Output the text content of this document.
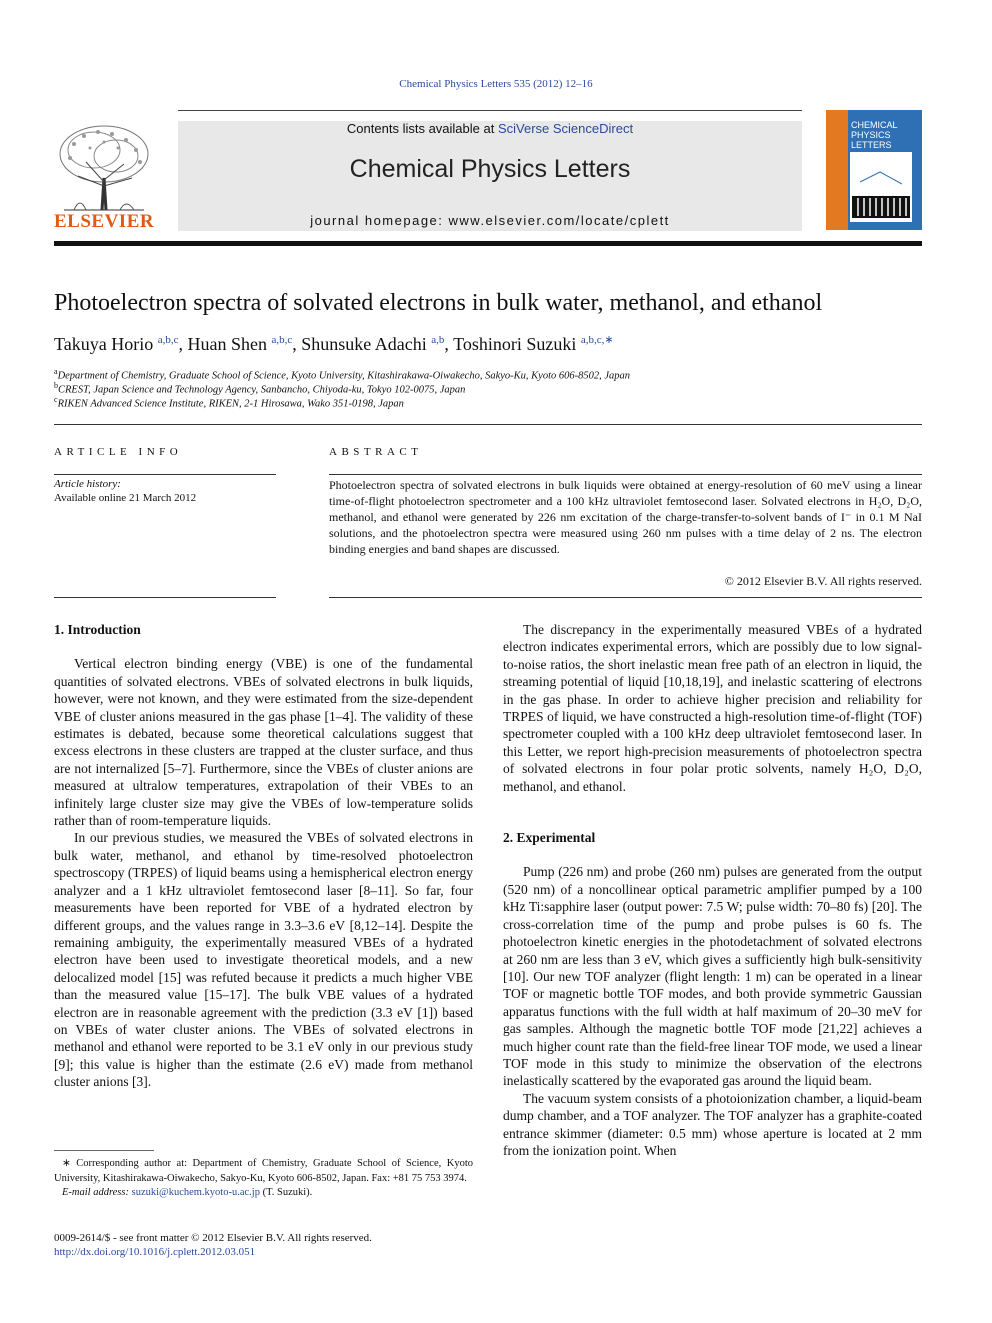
Chemical Physics Letters 535 (2012) 12–16
ELSEVIER
Contents lists available at SciVerse ScienceDirect
Chemical Physics Letters
journal homepage: www.elsevier.com/locate/cplett
CHEMICAL PHYSICS LETTERS
Photoelectron spectra of solvated electrons in bulk water, methanol, and ethanol
Takuya Horio $^{a,b,c}$, Huan Shen $^{a,b,c}$, Shunsuke Adachi $^{a,b}$, Toshinori Suzuki $^{a,b,c,∗}$
$^a$Department of Chemistry, Graduate School of Science, Kyoto University, Kitashirakawa-Oiwakecho, Sakyo-Ku, Kyoto 606-8502, Japan
$^b$CREST, Japan Science and Technology Agency, Sanbancho, Chiyoda-ku, Tokyo 102-0075, Japan
$^c$RIKEN Advanced Science Institute, RIKEN, 2-1 Hirosawa, Wako 351-0198, Japan
ARTICLE INFO
Article history:
Available online 21 March 2012
ABSTRACT
Photoelectron spectra of solvated electrons in bulk liquids were obtained at energy-resolution of 60 meV using a linear time-of-flight photoelectron spectrometer and a 100 kHz ultraviolet femtosecond laser. Solvated electrons in H₂O, D₂O, methanol, and ethanol were generated by 226 nm excitation of the charge-transfer-to-solvent bands of I⁻ in 0.1 M NaI solutions, and the photoelectron spectra were measured using 260 nm pulses with a time delay of 2 ns. The electron binding energies and band shapes are discussed.
© 2012 Elsevier B.V. All rights reserved.
1. Introduction

Vertical electron binding energy (VBE) is one of the fundamental quantities of solvated electrons. VBEs of solvated electrons in bulk liquids, however, were not known, and they were estimated from the size-dependent VBE of cluster anions measured in the gas phase [1–4]. The validity of these estimates is debated, because some theoretical calculations suggest that excess electrons in these clusters are trapped at the cluster surface, and thus are not internalized [5–7]. Furthermore, since the VBEs of cluster anions are measured at ultralow temperatures, extrapolation of their VBEs to an infinitely large cluster size may give the VBEs of low-temperature solids rather than of room-temperature liquids.

In our previous studies, we measured the VBEs of solvated electrons in bulk water, methanol, and ethanol by time-resolved photoelectron spectroscopy (TRPES) of liquid beams using a hemispherical electron energy analyzer and a 1 kHz ultraviolet femtosecond laser [8–11]. So far, four measurements have been reported for VBE of a hydrated electron by different groups, and the values range in 3.3–3.6 eV [8,12–14]. Despite the remaining ambiguity, the experimentally measured VBEs of a hydrated electron have been used to investigate theoretical models, and a new delocalized model [15] was refuted because it predicts a much higher VBE than the measured value [15–17]. The bulk VBE values of a hydrated electron are in reasonable agreement with the prediction (3.3 eV [1]) based on VBEs of water cluster anions. The VBEs of solvated electrons in methanol and ethanol were reported to be 3.1 eV only in our previous study [9]; this value is higher than the estimate (2.6 eV) made from methanol cluster anions [3].

The discrepancy in the experimentally measured VBEs of a hydrated electron indicates experimental errors, which are possibly due to low signal-to-noise ratios, the short inelastic mean free path of an electron in liquid, the streaming potential of liquid [10,18,19], and inelastic scattering of electrons in the gas phase. In order to achieve higher precision and reliability for TRPES of liquid, we have constructed a high-resolution time-of-flight (TOF) spectrometer coupled with a 100 kHz deep ultraviolet femtosecond laser. In this Letter, we report high-precision measurements of photoelectron spectra of solvated electrons in four polar protic solvents, namely H₂O, D₂O, methanol, and ethanol.

2. Experimental

Pump (226 nm) and probe (260 nm) pulses are generated from the output (520 nm) of a noncollinear optical parametric amplifier pumped by a 100 kHz Ti:sapphire laser (output power: 7.5 W; pulse width: 70–80 fs) [20]. The cross-correlation time of the pump and probe pulses is 60 fs. The photoelectron kinetic energies in the photodetachment of solvated electrons at 260 nm are less than 3 eV, which gives a sufficiently high bulk-sensitivity [10]. Our new TOF analyzer (flight length: 1 m) can be operated in a linear TOF or magnetic bottle TOF modes, and both provide symmetric Gaussian apparatus functions with the full width at half maximum of 20–30 meV for gas samples. Although the magnetic bottle TOF mode [21,22] achieves a much higher count rate than the field-free linear TOF mode, we used a linear TOF mode in this study to minimize the observation of the electrons inelastically scattered by the evaporated gas around the liquid beam.

The vacuum system consists of a photoionization chamber, a liquid-beam dump chamber, and a TOF analyzer. The TOF analyzer has a graphite-coated entrance skimmer (diameter: 0.5 mm) whose aperture is located at 2 mm from the ionization point. When

∗ Corresponding author at: Department of Chemistry, Graduate School of Science, Kyoto University, Kitashirakawa-Oiwakecho, Sakyo-Ku, Kyoto 606-8502, Japan. Fax: +81 75 753 3974.
E-mail address: suzuki@kuchem.kyoto-u.ac.jp (T. Suzuki).
0009-2614/$ - see front matter © 2012 Elsevier B.V. All rights reserved.
http://dx.doi.org/10.1016/j.cplett.2012.03.051
